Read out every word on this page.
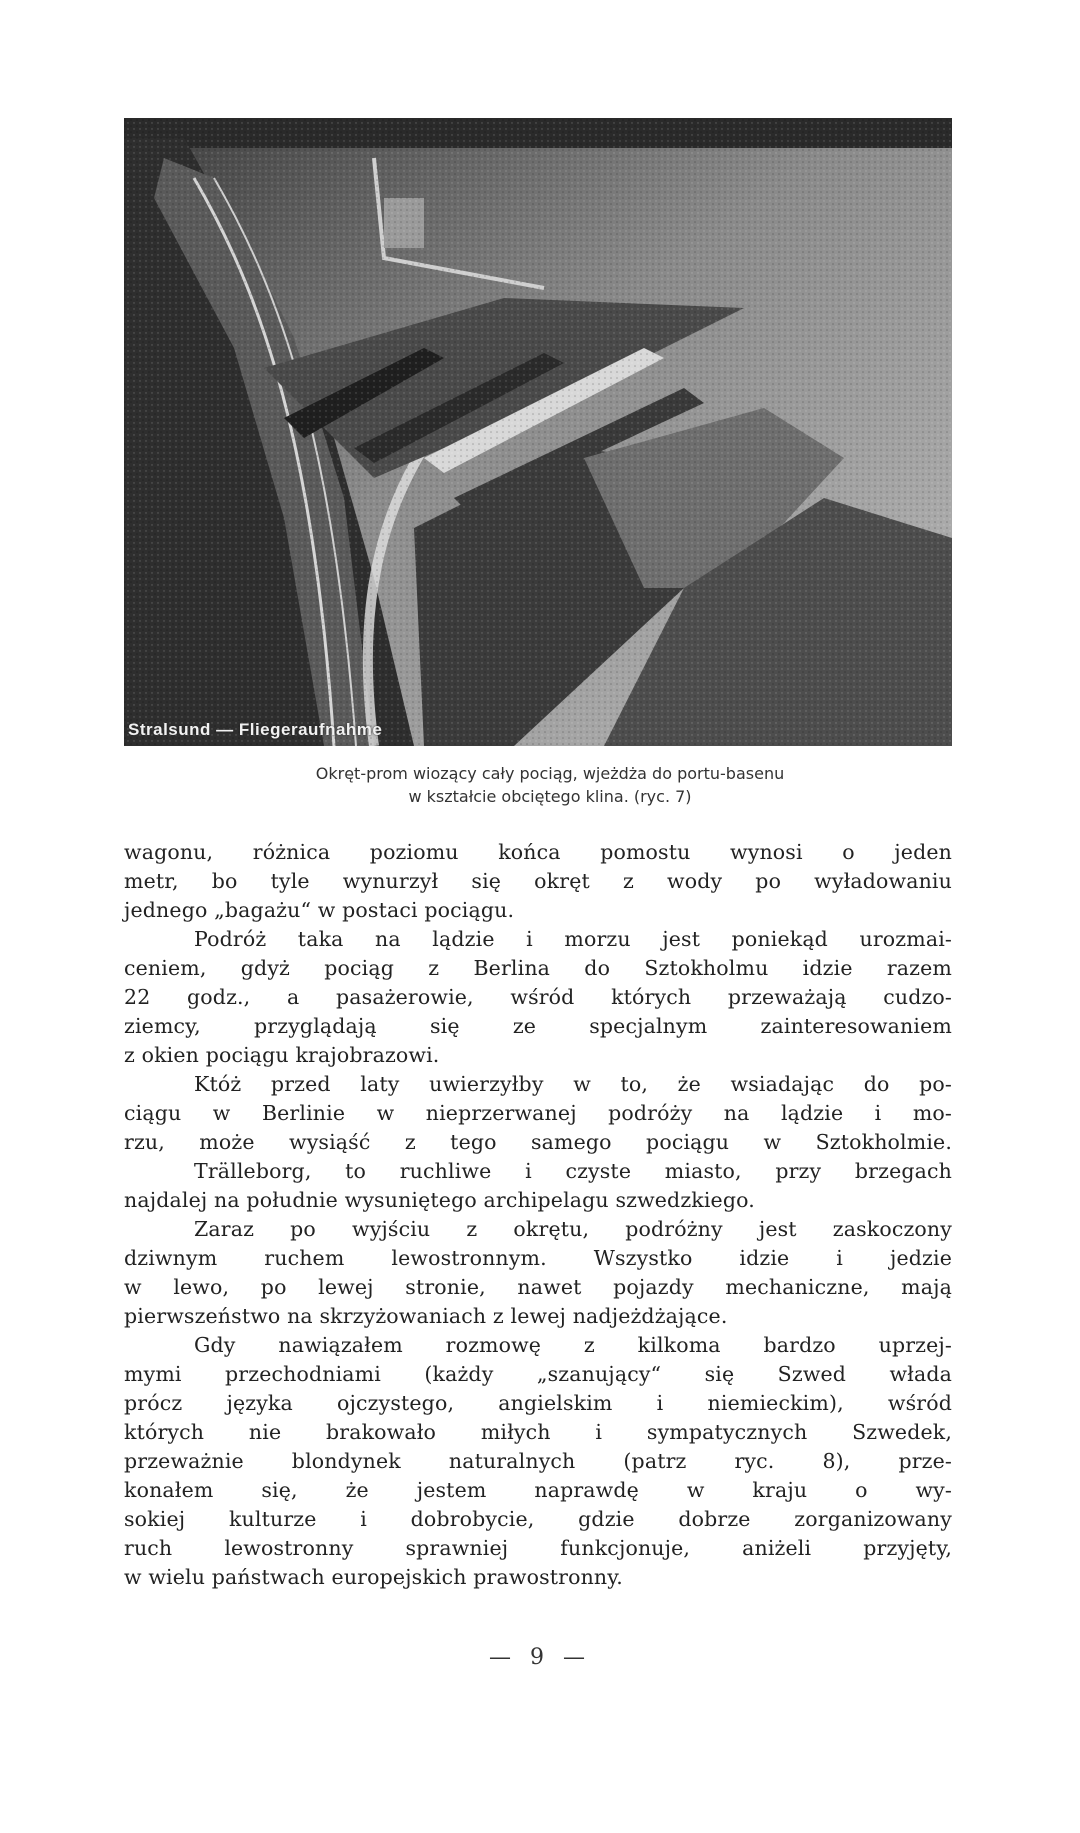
Stralsund — Fliegeraufnahme
Okręt-prom wiozący cały pociąg, wjeżdża do portu-basenu
w kształcie obciętego klina. (ryc. 7)
wagonu, różnica poziomu końca pomostu wynosi o jeden
metr, bo tyle wynurzył się okręt z wody po wyładowaniu
jednego „bagażu“ w postaci pociągu.
Podróż taka na lądzie i morzu jest poniekąd urozmai-
ceniem, gdyż pociąg z Berlina do Sztokholmu idzie razem
22 godz., a pasażerowie, wśród których przeważają cudzo-
ziemcy, przyglądają się ze specjalnym zainteresowaniem
z okien pociągu krajobrazowi.
Któż przed laty uwierzyłby w to, że wsiadając do po-
ciągu w Berlinie w nieprzerwanej podróży na lądzie i mo-
rzu, może wysiąść z tego samego pociągu w Sztokholmie.
Trälleborg, to ruchliwe i czyste miasto, przy brzegach
najdalej na południe wysuniętego archipelagu szwedzkiego.
Zaraz po wyjściu z okrętu, podróżny jest zaskoczony
dziwnym ruchem lewostronnym. Wszystko idzie i jedzie
w lewo, po lewej stronie, nawet pojazdy mechaniczne, mają
pierwszeństwo na skrzyżowaniach z lewej nadjeżdżające.
Gdy nawiązałem rozmowę z kilkoma bardzo uprzej-
mymi przechodniami (każdy „szanujący“ się Szwed włada
prócz języka ojczystego, angielskim i niemieckim), wśród
których nie brakowało miłych i sympatycznych Szwedek,
przeważnie blondynek naturalnych (patrz ryc. 8), prze-
konałem się, że jestem naprawdę w kraju o wy-
sokiej kulturze i dobrobycie, gdzie dobrze zorganizowany
ruch lewostronny sprawniej funkcjonuje, aniżeli przyjęty,
w wielu państwach europejskich prawostronny.
— 9 —
